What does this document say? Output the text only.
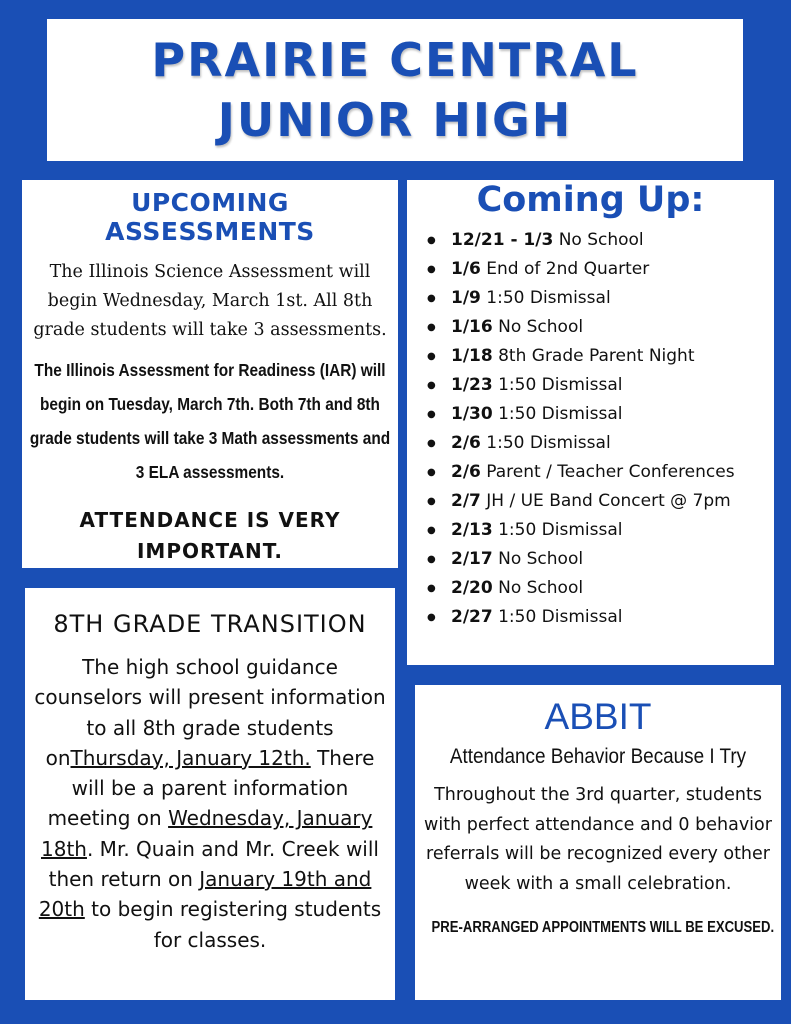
PRAIRIE CENTRAL
JUNIOR HIGH
UPCOMING ASSESSMENTS

The Illinois Science Assessment will begin Wednesday, March 1st. All 8th grade students will take 3 assessments.

The Illinois Assessment for Readiness (IAR) will begin on Tuesday, March 7th. Both 7th and 8th grade students will take 3 Math assessments and 3 ELA assessments.

ATTENDANCE IS VERY IMPORTANT.

Coming Up:
● 12/21 - 1/3 No School
● 1/6 End of 2nd Quarter
● 1/9 1:50 Dismissal
● 1/16 No School
● 1/18 8th Grade Parent Night
● 1/23 1:50 Dismissal
● 1/30 1:50 Dismissal
● 2/6 1:50 Dismissal
● 2/6 Parent / Teacher Conferences
● 2/7 JH / UE Band Concert @ 7pm
● 2/13 1:50 Dismissal
● 2/17 No School
● 2/20 No School
● 2/27 1:50 Dismissal
8TH GRADE TRANSITION

The high school guidance counselors will present information to all 8th grade students onThursday, January 12th. There will be a parent information meeting on Wednesday, January 18th. Mr. Quain and Mr. Creek will then return on January 19th and 20th to begin registering students for classes.

ABBIT
Attendance Behavior Because I Try

Throughout the 3rd quarter, students with perfect attendance and 0 behavior referrals will be recognized every other week with a small celebration.

PRE-ARRANGED APPOINTMENTS WILL BE EXCUSED.
